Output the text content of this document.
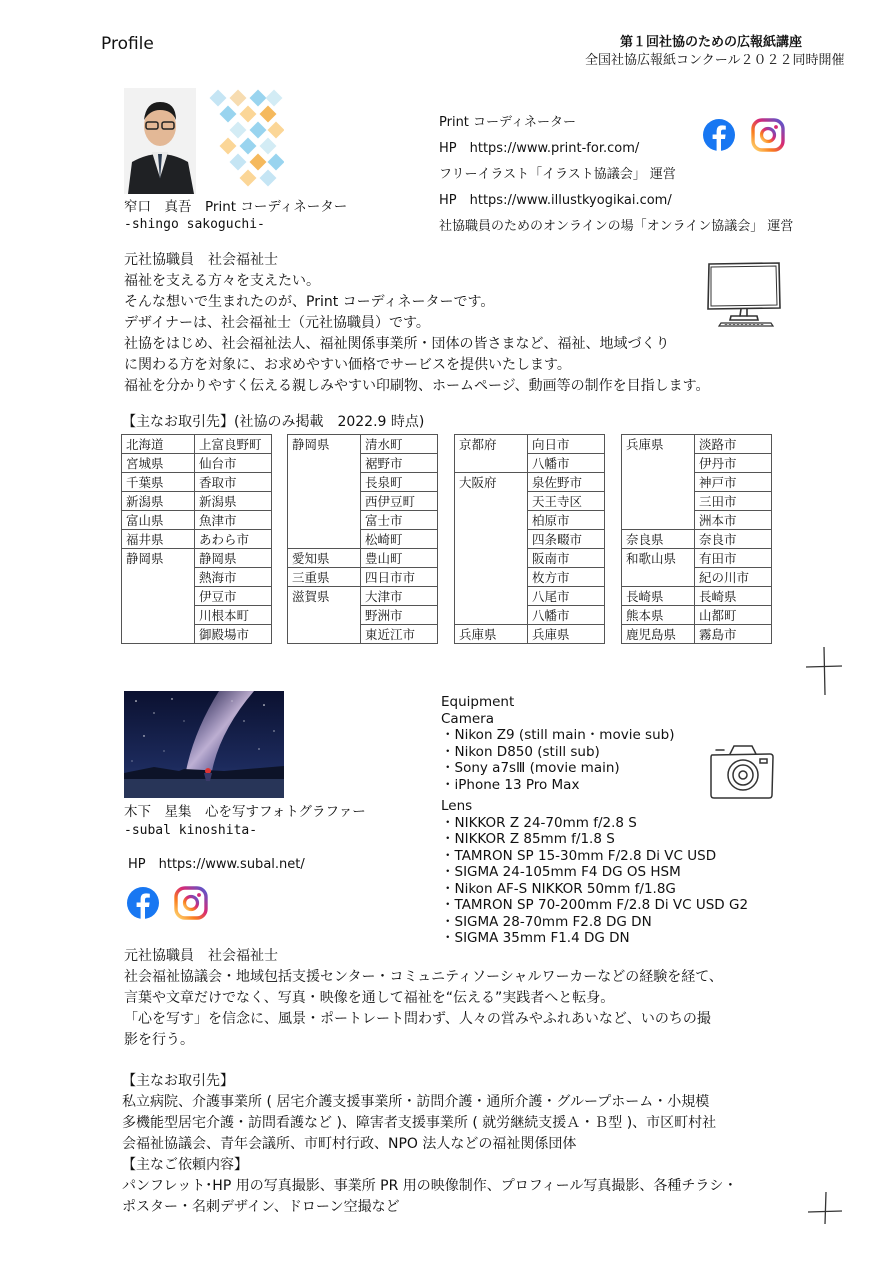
Profile	第１回社協のための広報紙講座
全国社協広報紙コンクール２０２２同時開催
窄口　真吾　Print コーディネーター
-shingo sakoguchi-
Print コーディネーター
HP　https://www.print-for.com/
フリーイラスト「イラスト協議会」 運営
HP　https://www.illustkyogikai.com/
社協職員のためのオンラインの場「オンライン協議会」 運営
元社協職員　社会福祉士
福祉を支える方々を支えたい。
そんな想いで生まれたのが、Print コーディネーターです。
デザイナーは、社会福祉士（元社協職員）です。
社協をはじめ、社会福祉法人、福祉関係事業所・団体の皆さまなど、福祉、地域づくり
に関わる方を対象に、お求めやすい価格でサービスを提供いたします。
福祉を分かりやすく伝える親しみやすい印刷物、ホームページ、動画等の制作を目指します。
【主なお取引先】(社協のみ掲載　2022.9 時点)
北海道	上富良野町
宮城県	仙台市
千葉県	香取市
新潟県	新潟県
富山県	魚津市
福井県	あわら市
静岡県	静岡県
	熱海市
	伊豆市
	川根本町
	御殿場市
静岡県	清水町
	裾野市
	長泉町
	西伊豆町
	富士市
	松崎町
愛知県	豊山町
三重県	四日市市
滋賀県	大津市
	野洲市
	東近江市
京都府	向日市
	八幡市
大阪府	泉佐野市
	天王寺区
	柏原市
	四条畷市
	阪南市
	枚方市
	八尾市
	八幡市
兵庫県	兵庫県
兵庫県	淡路市
	伊丹市
	神戸市
	三田市
	洲本市
奈良県	奈良市
和歌山県	有田市
	紀の川市
長崎県	長崎県
熊本県	山都町
鹿児島県	霧島市
木下　星集　心を写すフォトグラファー
-subal kinoshita-
HP　https://www.subal.net/
Equipment
Camera
・Nikon Z9 (still main・movie sub)
・Nikon D850 (still sub)
・Sony a7sⅢ (movie main)
・iPhone 13 Pro Max
Lens
・NIKKOR Z 24-70mm f/2.8 S
・NIKKOR Z 85mm f/1.8 S
・TAMRON SP 15-30mm F/2.8 Di VC USD
・SIGMA 24-105mm F4 DG OS HSM
・Nikon AF-S NIKKOR 50mm f/1.8G
・TAMRON SP 70-200mm F/2.8 Di VC USD G2
・SIGMA 28-70mm F2.8 DG DN
・SIGMA 35mm F1.4 DG DN
元社協職員　社会福祉士
社会福祉協議会・地域包括支援センター・コミュニティソーシャルワーカーなどの経験を経て、
言葉や文章だけでなく、写真・映像を通して福祉を“伝える”実践者へと転身。
「心を写す」を信念に、風景・ポートレート問わず、人々の営みやふれあいなど、いのちの撮
影を行う。
【主なお取引先】
私立病院、介護事業所 ( 居宅介護支援事業所・訪問介護・通所介護・グループホーム・小規模
多機能型居宅介護・訪問看護など )、障害者支援事業所 ( 就労継続支援Ａ・Ｂ型 )、市区町村社
会福祉協議会、青年会議所、市町村行政、NPO 法人などの福祉関係団体
【主なご依頼内容】
パンフレット･HP 用の写真撮影、事業所 PR 用の映像制作、プロフィール写真撮影、各種チラシ・
ポスター・名刺デザイン、ドローン空撮など
